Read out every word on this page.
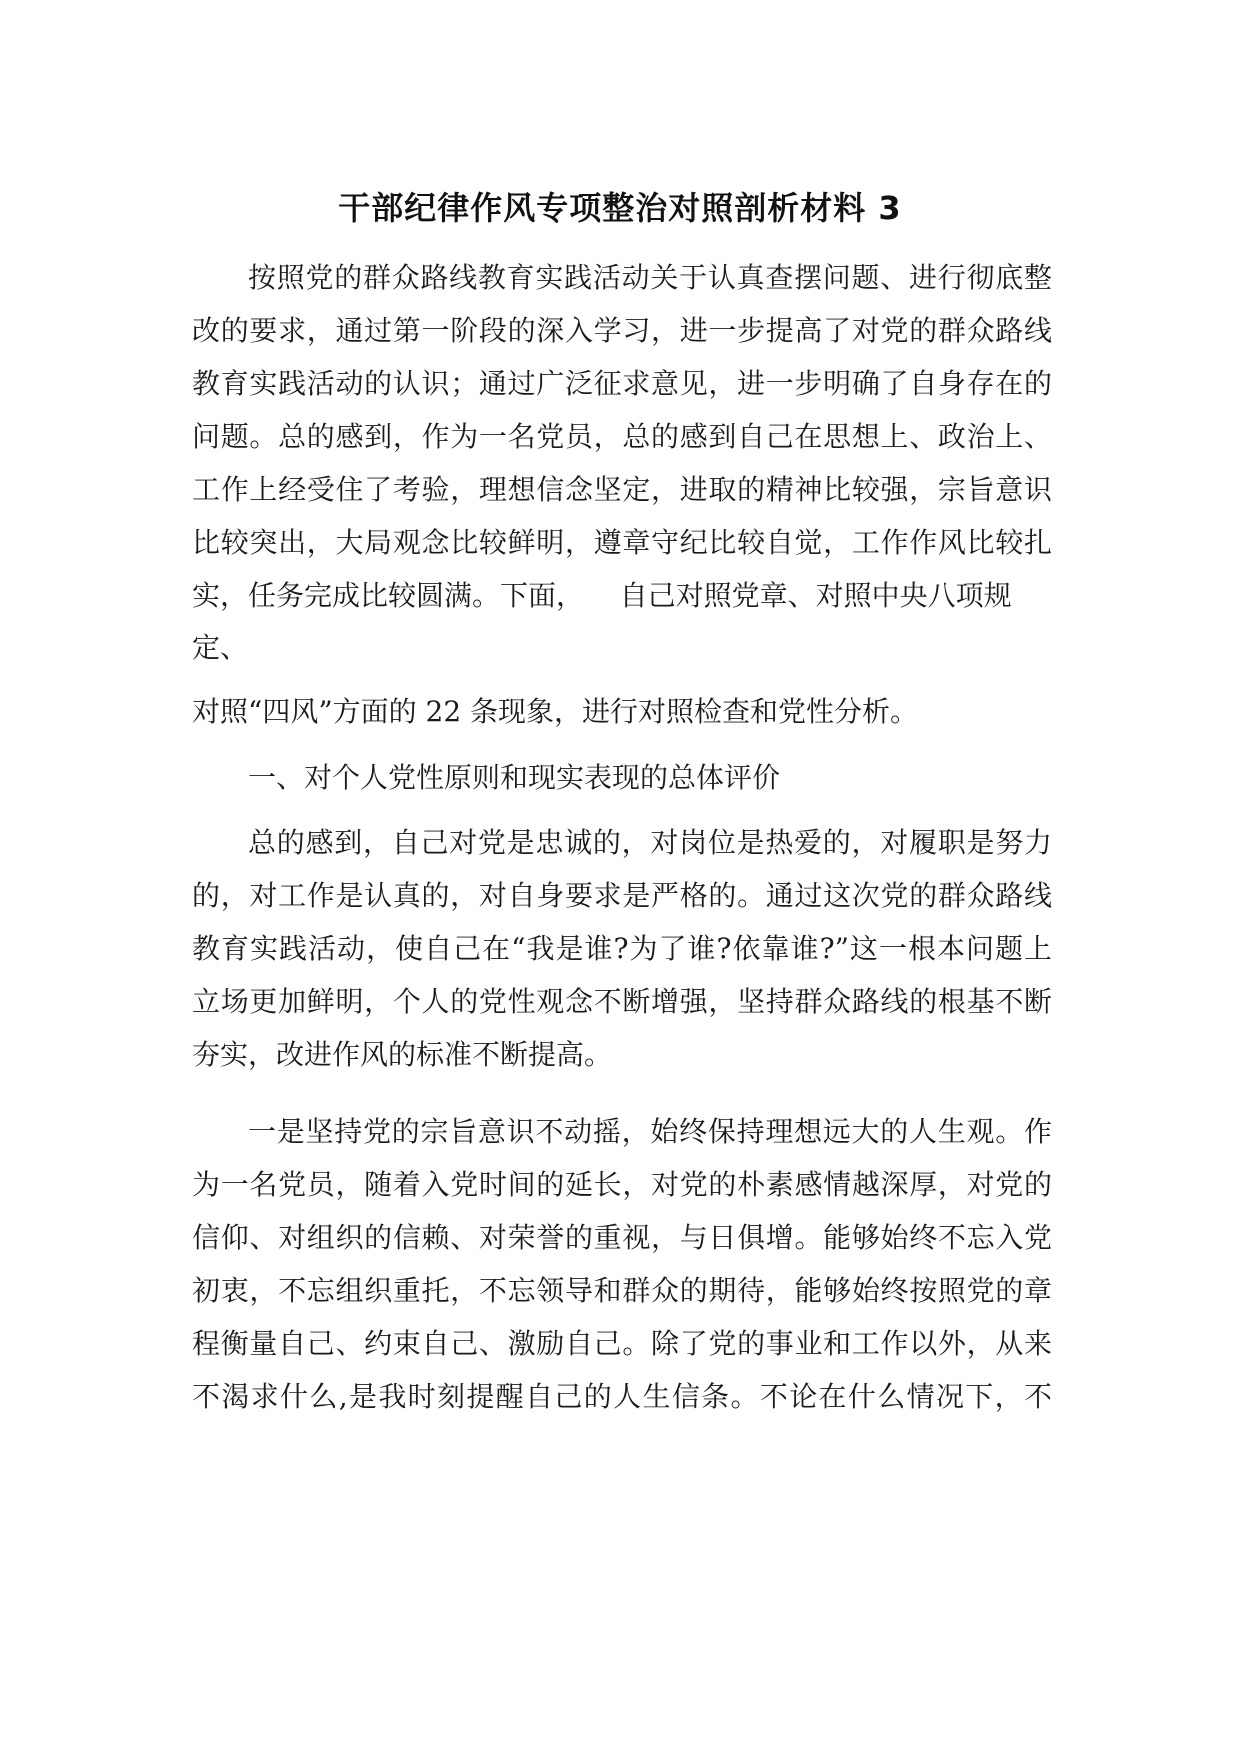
干部纪律作风专项整治对照剖析材料 3
按照党的群众路线教育实践活动关于认真查摆问题、进行彻底整
改的要求，通过第一阶段的深入学习，进一步提高了对党的群众路线
教育实践活动的认识；通过广泛征求意见，进一步明确了自身存在的
问题。总的感到，作为一名党员，总的感到自己在思想上、政治上、
工作上经受住了考验，理想信念坚定，进取的精神比较强，宗旨意识
比较突出，大局观念比较鲜明，遵章守纪比较自觉，工作作风比较扎
实，任务完成比较圆满。下面，    自己对照党章、对照中央八项规
定、
对照“四风”方面的 22 条现象，进行对照检查和党性分析。
一、对个人党性原则和现实表现的总体评价
总的感到，自己对党是忠诚的，对岗位是热爱的，对履职是努力
的，对工作是认真的，对自身要求是严格的。通过这次党的群众路线
教育实践活动，使自己在“我是谁?为了谁?依靠谁?”这一根本问题上
立场更加鲜明，个人的党性观念不断增强，坚持群众路线的根基不断
夯实，改进作风的标准不断提高。
一是坚持党的宗旨意识不动摇，始终保持理想远大的人生观。作
为一名党员，随着入党时间的延长，对党的朴素感情越深厚，对党的
信仰、对组织的信赖、对荣誉的重视，与日俱增。能够始终不忘入党
初衷，不忘组织重托，不忘领导和群众的期待，能够始终按照党的章
程衡量自己、约束自己、激励自己。除了党的事业和工作以外，从来
不渴求什么,是我时刻提醒自己的人生信条。不论在什么情况下，不
